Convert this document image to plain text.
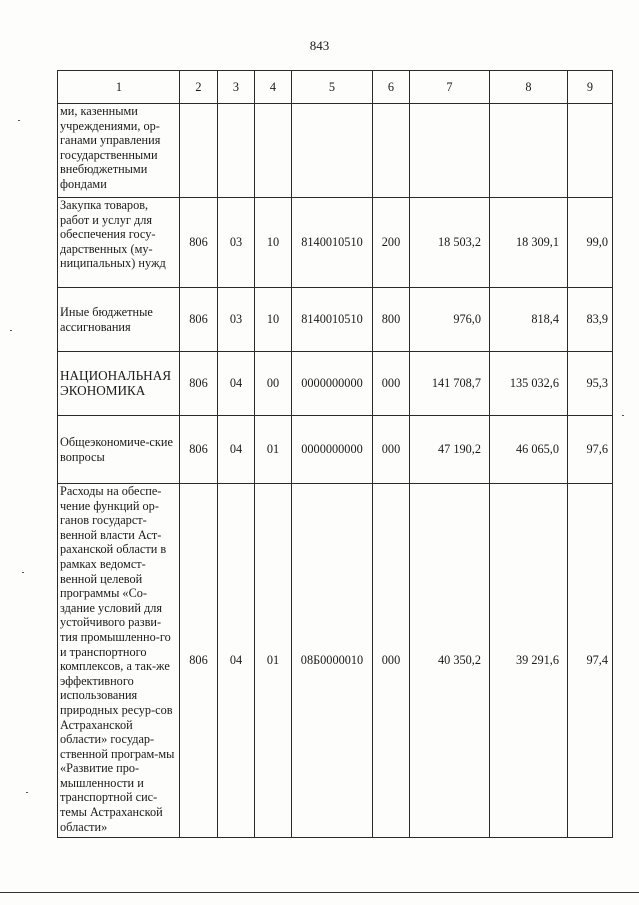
843
1	2	3	4	5	6	7	8	9
ми, казенными учреждениями, ор-ганами управления государственными внебюджетными фондами								
Закупка товаров, работ и услуг для обеспечения госу-дарственных (му-ниципальных) нужд	806	03	10	8140010510	200	18 503,2	18 309,1	99,0
Иные бюджетные ассигнования	806	03	10	8140010510	800	976,0	818,4	83,9
НАЦИОНАЛЬНАЯ ЭКОНОМИКА	806	04	00	0000000000	000	141 708,7	135 032,6	95,3
Общеэкономиче-ские вопросы	806	04	01	0000000000	000	47 190,2	46 065,0	97,6
Расходы на обеспе-чение функций ор-ганов государст-венной власти Аст-раханской области в рамках ведомст-венной целевой программы «Со-здание условий для устойчивого разви-тия промышленно-го и транспортного комплексов, а так-же эффективного использования природных ресур-сов Астраханской области» государ-ственной програм-мы «Развитие про-мышленности и транспортной сис-темы Астраханской области»	806	04	01	08Б0000010	000	40 350,2	39 291,6	97,4
